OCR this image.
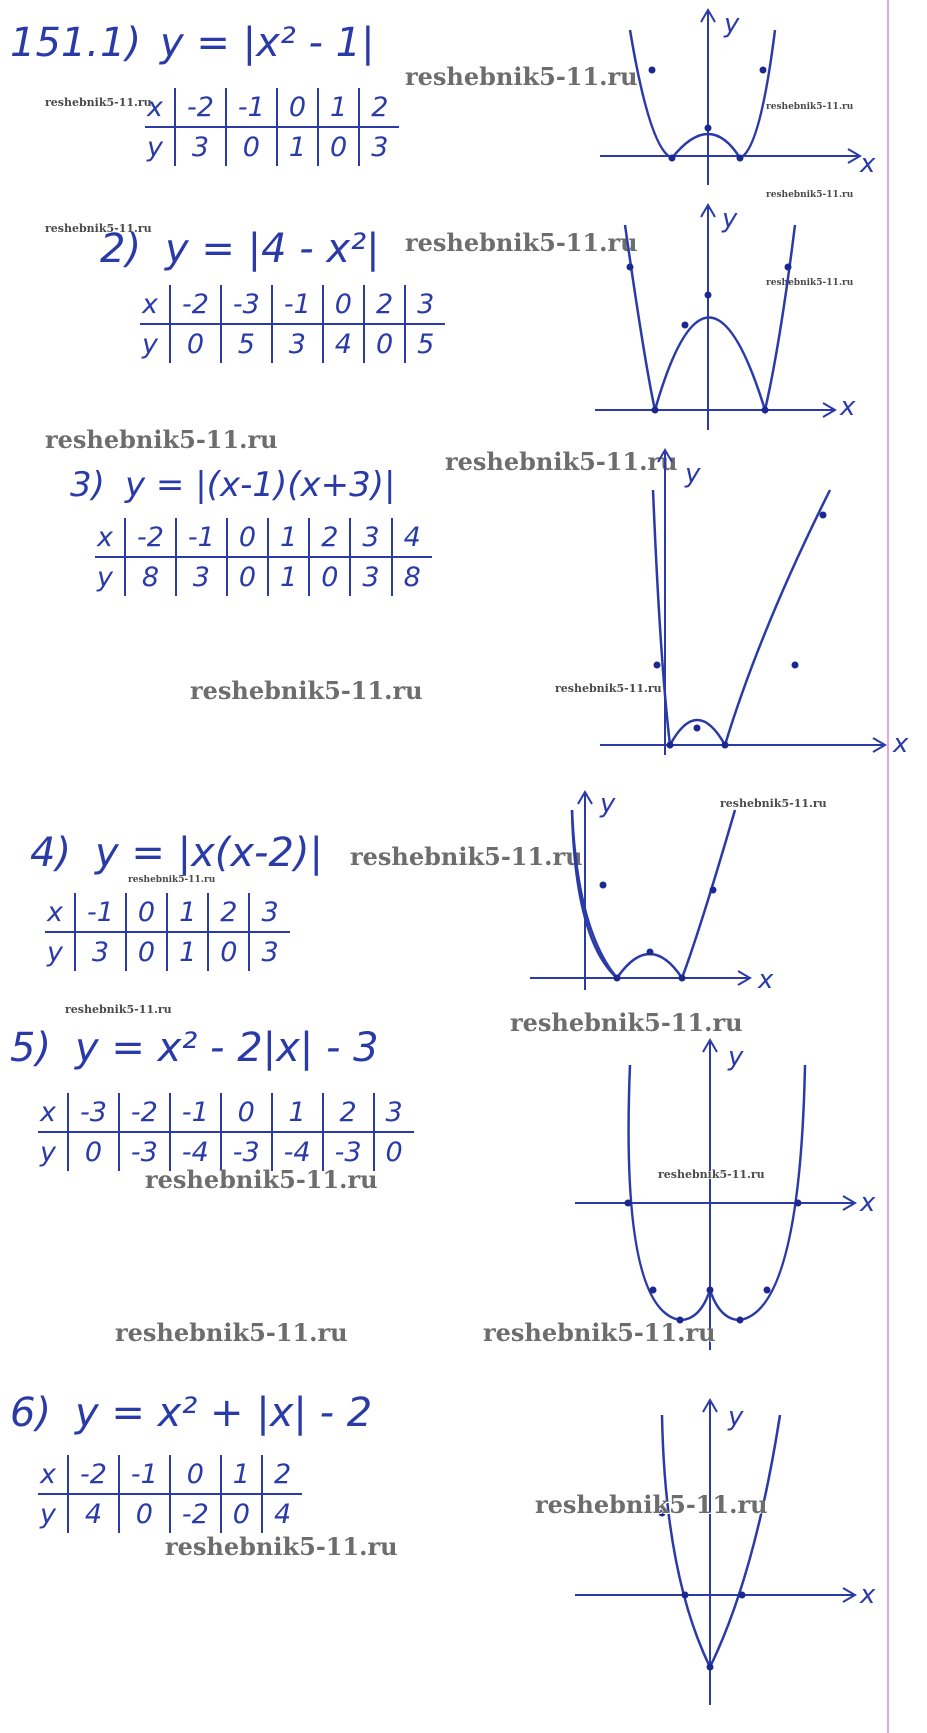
151. 1) y = |x² - 1|
reshebnik5-11.ru
reshebnik5-11.ru
x	-2	-1	0	1	2
y	3	0	1	0	3
x
y
reshebnik5-11.ru
reshebnik5-11.ru
reshebnik5-11.ru
2) y = |4 - x²| reshebnik5-11.ru
reshebnik5-11.ru
x	-2	-3	-1	0	2	3
y	0	5	3	4	0	5
x
y
reshebnik5-11.ru
3) y = |(x-1)(x+3)|
reshebnik5-11.ru
x	-2	-1	0	1	2	3	4
y	8	3	0	1	0	3	8
reshebnik5-11.ru	reshebnik5-11.ru
x
y
reshebnik5-11.ru
4) y = |x(x-2)| reshebnik5-11.ru
reshebnik5-11.ru
x	-1	0	1	2	3
y	3	0	1	0	3
x
y
reshebnik5-11.ru	reshebnik5-11.ru
5) y = x² - 2|x| - 3
x	-3	-2	-1	0	1	2	3
y	0	-3	-4	-3	-4	-3	0
reshebnik5-11.ru
x
y
reshebnik5-11.ru
reshebnik5-11.ru	reshebnik5-11.ru
6) y = x² + |x| - 2
x	-2	-1	0	1	2
y	4	0	-2	0	4
reshebnik5-11.ru
x
y
reshebnik5-11.ru
